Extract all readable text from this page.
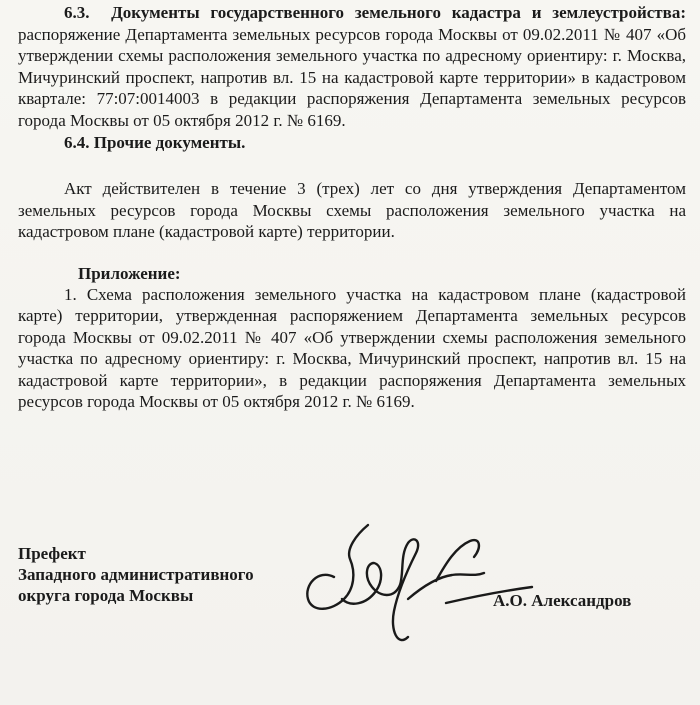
6.3. Документы государственного земельного кадастра и землеустройства: распоряжение Департамента земельных ресурсов города Москвы от 09.02.2011 № 407 «Об утверждении схемы расположения земельного участка по адресному ориентиру: г. Москва, Мичуринский проспект, напротив вл. 15 на кадастровой карте территории» в кадастровом квартале: 77:07:0014003 в редакции распоряжения Департамента земельных ресурсов города Москвы от 05 октября 2012 г. № 6169.

6.4. Прочие документы.

Акт действителен в течение 3 (трех) лет со дня утверждения Департаментом земельных ресурсов города Москвы схемы расположения земельного участка на кадастровом плане (кадастровой карте) территории.

Приложение:

1. Схема расположения земельного участка на кадастровом плане (кадастровой карте) территории, утвержденная распоряжением Департамента земельных ресурсов города Москвы от 09.02.2011 № 407 «Об утверждении схемы расположения земельного участка по адресному ориентиру: г. Москва, Мичуринский проспект, напротив вл. 15 на кадастровой карте территории», в редакции распоряжения Департамента земельных ресурсов города Москвы от 05 октября 2012 г. № 6169.

Префект
Западного административного
округа города Москвы	А.О. Александров
